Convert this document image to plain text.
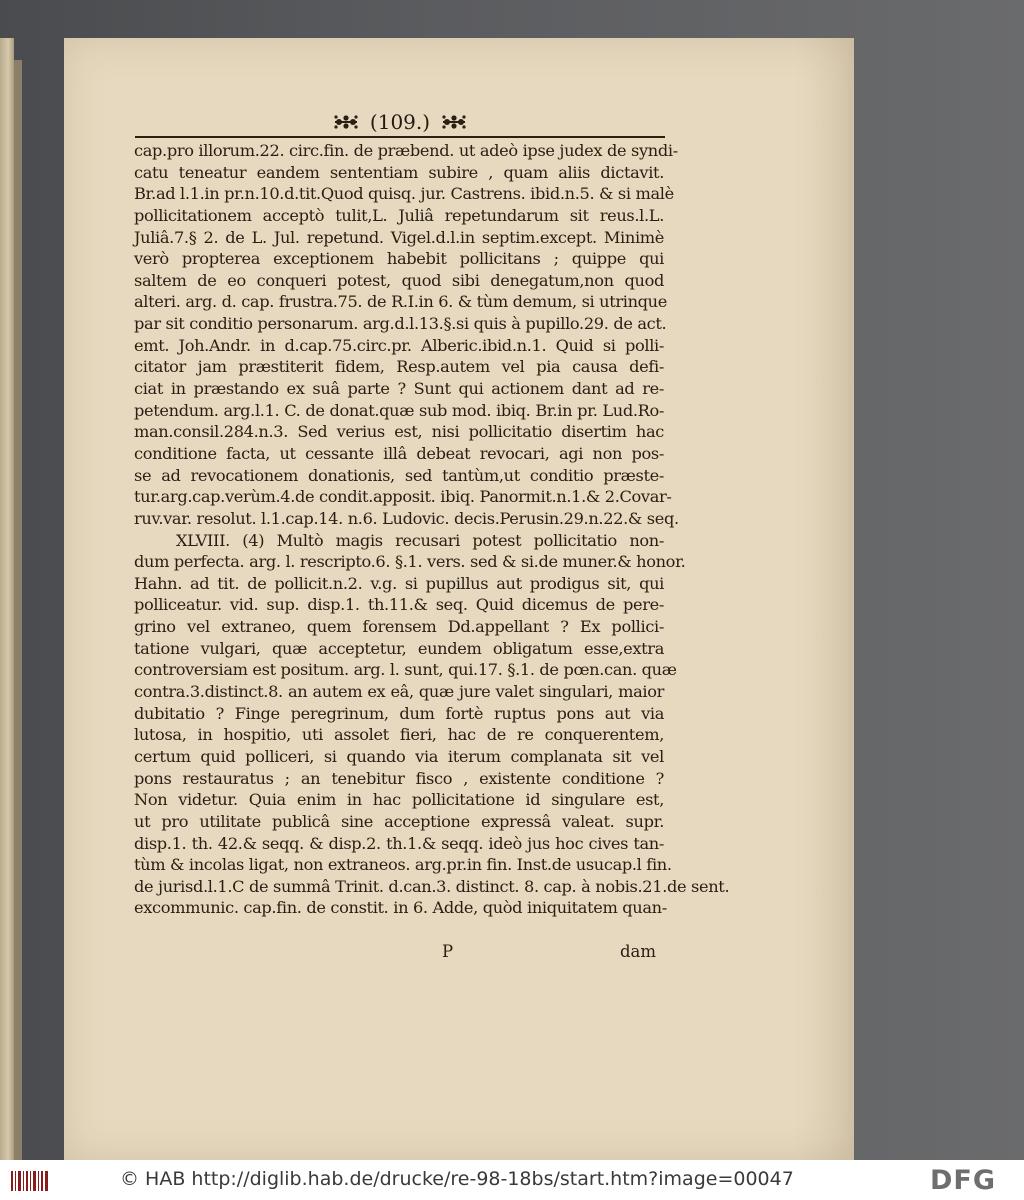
(109.)
cap.pro illorum.22. circ.fin. de præbend. ut adeò ipse judex de syndi-
catu teneatur eandem sententiam subire , quam aliis dictavit.
Br.ad l.1.in pr.n.10.d.tit.Quod quisq. jur. Castrens. ibid.n.5. & si malè
pollicitationem acceptò tulit,L. Juliâ repetundarum sit reus.l.L.
Juliâ.7.§ 2. de L. Jul. repetund. Vigel.d.l.in septim.except. Minimè
verò propterea exceptionem habebit pollicitans ; quippe qui
saltem de eo conqueri potest, quod sibi denegatum,non quod
alteri. arg. d. cap. frustra.75. de R.I.in 6. & tùm demum, si utrinque
par sit conditio personarum. arg.d.l.13.§.si quis à pupillo.29. de act.
emt. Joh.Andr. in d.cap.75.circ.pr. Alberic.ibid.n.1. Quid si polli-
citator jam præstiterit fidem, Resp.autem vel pia causa defi-
ciat in præstando ex suâ parte ? Sunt qui actionem dant ad re-
petendum. arg.l.1. C. de donat.quæ sub mod. ibiq. Br.in pr. Lud.Ro-
man.consil.284.n.3. Sed verius est, nisi pollicitatio disertim hac
conditione facta, ut cessante illâ debeat revocari, agi non pos-
se ad revocationem donationis, sed tantùm,ut conditio præste-
tur.arg.cap.verùm.4.de condit.apposit. ibiq. Panormit.n.1.& 2.Covar-
ruv.var. resolut. l.1.cap.14. n.6. Ludovic. decis.Perusin.29.n.22.& seq.
XLVIII. (4) Multò magis recusari potest pollicitatio non-
dum perfecta. arg. l. rescripto.6. §.1. vers. sed & si.de muner.& honor.
Hahn. ad tit. de pollicit.n.2. v.g. si pupillus aut prodigus sit, qui
polliceatur. vid. sup. disp.1. th.11.& seq. Quid dicemus de pere-
grino vel extraneo, quem forensem Dd.appellant ? Ex pollici-
tatione vulgari, quæ acceptetur, eundem obligatum esse,extra
controversiam est positum. arg. l. sunt, qui.17. §.1. de pœn.can. quæ
contra.3.distinct.8. an autem ex eâ, quæ jure valet singulari, maior
dubitatio ? Finge peregrinum, dum fortè ruptus pons aut via
lutosa, in hospitio, uti assolet fieri, hac de re conquerentem,
certum quid polliceri, si quando via iterum complanata sit vel
pons restauratus ; an tenebitur fisco , existente conditione ?
Non videtur. Quia enim in hac pollicitatione id singulare est,
ut pro utilitate publicâ sine acceptione expressâ valeat. supr.
disp.1. th. 42.& seqq. & disp.2. th.1.& seqq. ideò jus hoc cives tan-
tùm & incolas ligat, non extraneos. arg.pr.in fin. Inst.de usucap.l fin.
de jurisd.l.1.C de summâ Trinit. d.can.3. distinct. 8. cap. à nobis.21.de sent.
excommunic. cap.fin. de constit. in 6. Adde, quòd iniquitatem quan-
P	dam
© HAB http://diglib.hab.de/drucke/re-98-18bs/start.htm?image=00047	DFG
